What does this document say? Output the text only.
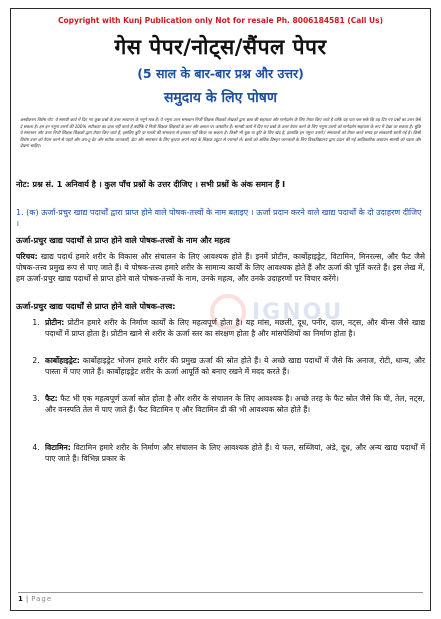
Copyright with Kunj Publication only Not for resale Ph. 8006184581 (Call Us)
गेस पेपर/नोट्स/सैंपल पेपर
(5 साल के बार-बार प्रश्न और उत्तर)
समुदाय के लिए पोषण
अस्वीकरण विशेष नोट: ये सामग्री कार्य में दिए गए कुछ प्रश्नों के उत्तर सत्यापन के नमूने मात्र हैं। ये नमूना उत्तर समाधान निजी शिक्षक शिक्षकों लेखकों द्वारा छात्र की सहायता और मार्गदर्शन के लिए तैयार किए जाते हैं ताकि यह पता चल सके कि वह दिए गए प्रश्नों का उत्तर कैसे दे सकता है। हम इन नमूना उत्तरों की 100% सटीकता का दावा नहीं करते हैं क्योंकि ये निजी शिक्षक शिक्षकों के ज्ञान और क्षमता पर आधारित हैं। सामग्री कार्य में दिए गए प्रश्नों के उत्तर तैयार करने के लिए नमूना उत्तरों को मार्गदर्शन सहायता के रूप में देखा जा सकता है। चूंकि ये समाधान और उत्तर निजी शिक्षक शिक्षकों द्वारा तैयार किए जाते हैं, इसलिए त्रुटि या गलती की संभावना से इनकार नहीं किया जा सकता है। किसी भी चूक या त्रुटि के लिए खेद है, हालांकि इन नमूना उत्तरों / समाधानों को तैयार करते समय हर सावधानी बरती गई है। किसी विशेष उत्तर को तैयार करने से पहले और अप-टू-डेट और सटीक जानकारी, डेटा और समाधान के लिए कृपया अपने स्वयं के शिक्षक ट्यूटर से परामर्श लें। छात्रों को अधिक विस्तृत जानकारी के लिए विश्वविद्यालय द्वारा प्रदान की गई आधिकारिक अध्ययन सामग्री को पढ़ना और देखना चाहिए।
नोट: प्रश्न सं. 1 अनिवार्य है । कुल पाँच प्रश्नों के उत्तर दीजिए । सभी प्रश्नों के अंक समान हैं I
1. (क) ऊर्जा-प्रचुर खाद्य पदार्थों द्वारा प्राप्त होने वाले पोषक-तत्त्वों के नाम बताइए । ऊर्जा प्रदान करने वाले खाद्य पदार्थों के दो उदाहरण दीजिए ।
ऊर्जा-प्रचुर खाद्य पदार्थों से प्राप्त होने वाले पोषक-तत्त्वों के नाम और महत्व
परिचय: खाद्य पदार्थ हमारे शरीर के विकास और संचालन के लिए आवश्यक होते हैं। इनमें प्रोटीन, कार्बोहाइड्रेट, विटामिन, मिनरल्स, और फैट जैसे पोषक-तत्त्व प्रमुख रूप से पाए जाते हैं। ये पोषक-तत्त्व हमारे शरीर के सामान्य कार्यों के लिए आवश्यक होते हैं और ऊर्जा की पूर्ति करते हैं। इस लेख में, हम ऊर्जा-प्रचुर खाद्य पदार्थों से प्राप्त होने वाले पोषक-तत्त्वों के नाम, उनके महत्व, और उनके उदाहरणों पर विचार करेंगे।
ऊर्जा-प्रचुर खाद्य पदार्थों से प्राप्त होने वाले पोषक-तत्त्व:
1. प्रोटीन: प्रोटीन हमारे शरीर के निर्माण कार्यों के लिए महत्वपूर्ण होता है। यह मांस, मछली, दूध, पनीर, दाल, नट्स, और बीन्स जैसे खाद्य पदार्थों में प्राप्त होता है। प्रोटीन खाने से शरीर के ऊर्जा स्तर का संरक्षण होता है और मांसपेशियों का निर्माण होता है।
2. कार्बोहाइड्रेट: कार्बोहाइड्रेट भोजन हमारे शरीर की प्रमुख ऊर्जा की स्रोत होते हैं। ये अच्छे खाद्य पदार्थों में जैसे कि अनाज, रोटी, धान्य, और पास्ता में पाए जाते हैं। कार्बोहाइड्रेट शरीर के ऊर्जा आपूर्ति को बनाए रखने में मदद करते हैं।
3. फैट: फैट भी एक महत्वपूर्ण ऊर्जा स्रोत होता है और शरीर के संचालन के लिए आवश्यक है। अच्छे तरह के फैट स्रोत जैसे कि घी, तेल, नट्स, और वनस्पति तेल में पाए जाते हैं। फैट विटामिन ए और विटामिन डी की भी आवश्यक स्रोत होते हैं।
4. विटामिन: विटामिन हमारे शरीर के निर्माण और संचालन के लिए आवश्यक होते हैं। ये फल, सब्जियां, अंडे, दूध, और अन्य खाद्य पदार्थों में पाए जाते हैं। विभिन्न प्रकार के
IGNOU
1 | Page
